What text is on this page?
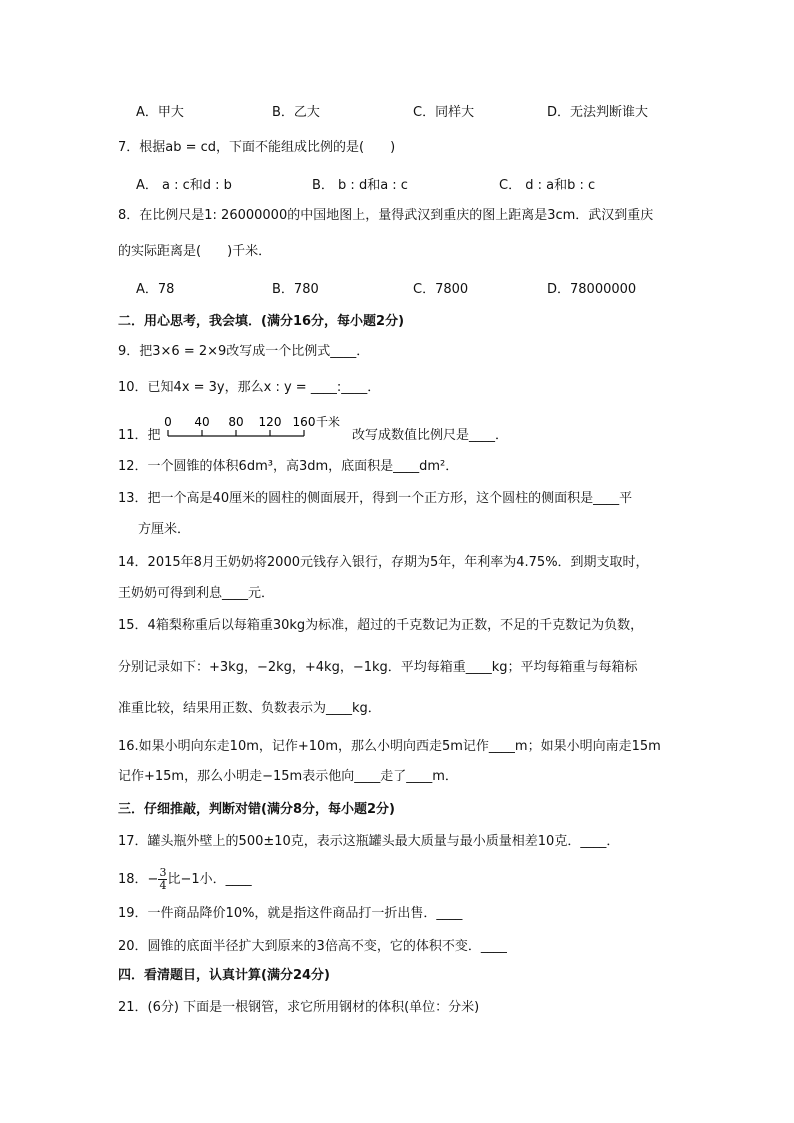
A．甲大	B．乙大	C．同样大	D．无法判断谁大
7．根据ab = cd，下面不能组成比例的是(　　)
A． a : c和d : b	B． b : d和a : c	C． d : a和b : c
8．在比例尺是1: 26000000的中国地图上，量得武汉到重庆的图上距离是3cm．武汉到重庆
的实际距离是(　　)千米．
A．78	B．780	C．7800	D．78000000
二．用心思考，我会填．(满分16分，每小题2分)
9．把3×6 = 2×9改写成一个比例式____．
10．已知4x = 3y，那么x : y = ____:____．
11．把
0 40 80 120 160 千米
改写成数值比例尺是____．
12．一个圆锥的体积6dm³，高3dm，底面积是____dm²．
13．把一个高是40厘米的圆柱的侧面展开，得到一个正方形，这个圆柱的侧面积是____平
方厘米．
14．2015年8月王奶奶将2000元钱存入银行，存期为5年，年利率为4.75%．到期支取时，
王奶奶可得到利息____元．
15．4箱梨称重后以每箱重30kg为标准，超过的千克数记为正数，不足的千克数记为负数，
分别记录如下：+3kg，−2kg，+4kg，−1kg．平均每箱重____kg；平均每箱重与每箱标
准重比较，结果用正数、负数表示为____kg．
16.如果小明向东走10m，记作+10m，那么小明向西走5m记作____m；如果小明向南走15m
记作+15m，那么小明走−15m表示他向____走了____m．
三．仔细推敲，判断对错(满分8分，每小题2分)
17．罐头瓶外壁上的500±10克，表示这瓶罐头最大质量与最小质量相差10克．____．
18．− $\frac{3}{4}$ 比−1小．____
19．一件商品降价10%，就是指这件商品打一折出售．____
20．圆锥的底面半径扩大到原来的3倍高不变，它的体积不变．____
四．看清题目，认真计算(满分24分)
21．(6分) 下面是一根钢管，求它所用钢材的体积(单位：分米)
